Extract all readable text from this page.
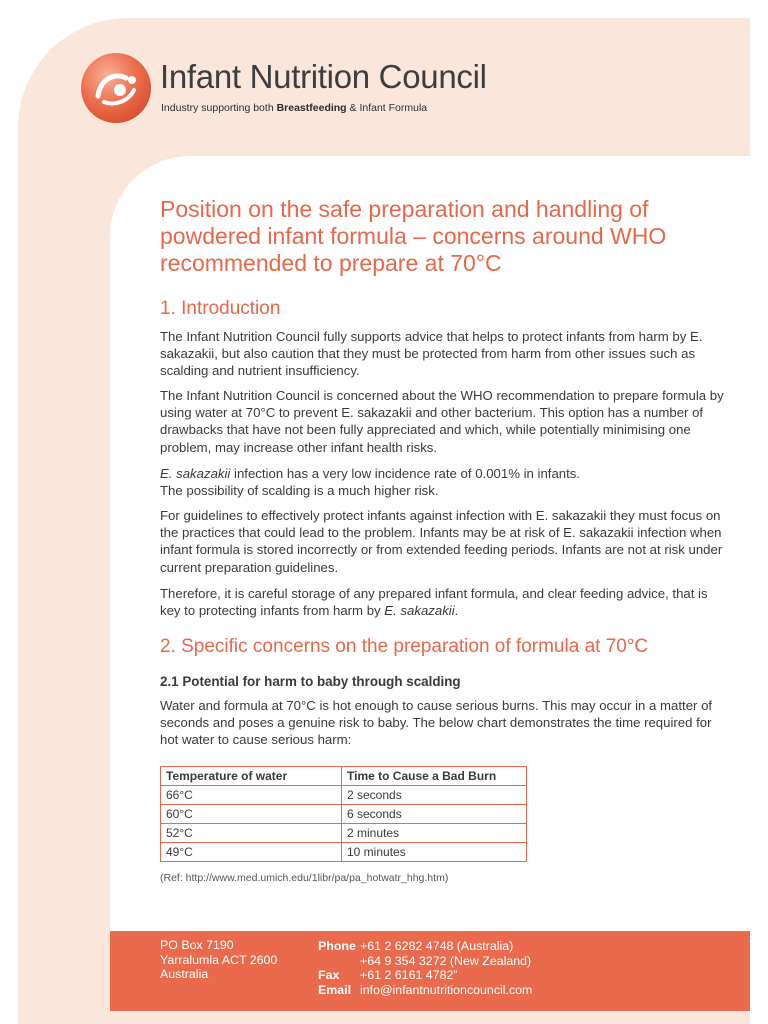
Infant Nutrition Council
Industry supporting both Breastfeeding & Infant Formula
Position on the safe preparation and handling of powdered infant formula – concerns around WHO recommended to prepare at 70°C
1. Introduction

The Infant Nutrition Council fully supports advice that helps to protect infants from harm by E. sakazakii, but also caution that they must be protected from harm from other issues such as scalding and nutrient insufficiency.

The Infant Nutrition Council is concerned about the WHO recommendation to prepare formula by using water at 70°C to prevent E. sakazakii and other bacterium. This option has a number of drawbacks that have not been fully appreciated and which, while potentially minimising one problem, may increase other infant health risks.

E. sakazakii infection has a very low incidence rate of 0.001% in infants.
The possibility of scalding is a much higher risk.

For guidelines to effectively protect infants against infection with E. sakazakii they must focus on the practices that could lead to the problem. Infants may be at risk of E. sakazakii infection when infant formula is stored incorrectly or from extended feeding periods. Infants are not at risk under current preparation guidelines.

Therefore, it is careful storage of any prepared infant formula, and clear feeding advice, that is key to protecting infants from harm by E. sakazakii.

2. Specific concerns on the preparation of formula at 70°C
2.1 Potential for harm to baby through scalding

Water and formula at 70°C is hot enough to cause serious burns. This may occur in a matter of seconds and poses a genuine risk to baby. The below chart demonstrates the time required for hot water to cause serious harm:

Temperature of water	Time to Cause a Bad Burn
66°C	2 seconds
60°C	6 seconds
52°C	2 minutes
49°C	10 minutes
(Ref: http://www.med.umich.edu/1libr/pa/pa_hotwatr_hhg.htm)
PO Box 7190
Yarralumla ACT 2600
Australia
Phone +61 2 6282 4748 (Australia)
+64 9 354 3272 (New Zealand)
Fax	+61 2 6161 4782”
Email info@infantnutritioncouncil.com
